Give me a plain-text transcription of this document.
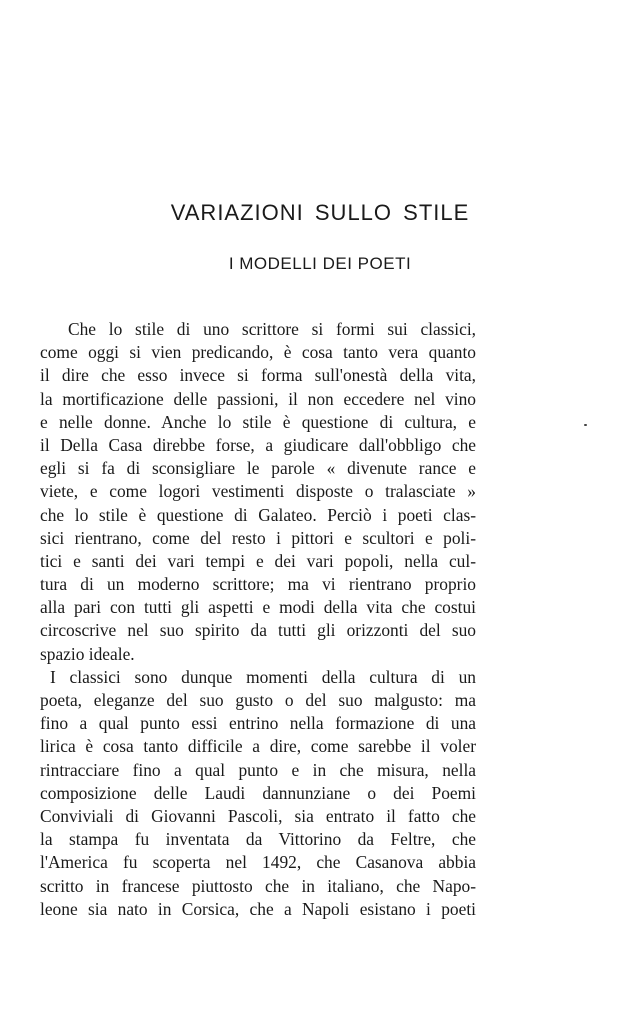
VARIAZIONI SULLO STILE
I MODELLI DEI POETI
Che lo stile di uno scrittore si formi sui classici,
come oggi si vien predicando, è cosa tanto vera quanto
il dire che esso invece si forma sull'onestà della vita,
la mortificazione delle passioni, il non eccedere nel vino
e nelle donne. Anche lo stile è questione di cultura, e
il Della Casa direbbe forse, a giudicare dall'obbligo che
egli si fa di sconsigliare le parole « divenute rance e
viete, e come logori vestimenti disposte o tralasciate »
che lo stile è questione di Galateo. Perciò i poeti clas-
sici rientrano, come del resto i pittori e scultori e poli-
tici e santi dei vari tempi e dei vari popoli, nella cul-
tura di un moderno scrittore; ma vi rientrano proprio
alla pari con tutti gli aspetti e modi della vita che costui
circoscrive nel suo spirito da tutti gli orizzonti del suo
spazio ideale.
I classici sono dunque momenti della cultura di un
poeta, eleganze del suo gusto o del suo malgusto: ma
fino a qual punto essi entrino nella formazione di una
lirica è cosa tanto difficile a dire, come sarebbe il voler
rintracciare fino a qual punto e in che misura, nella
composizione delle Laudi dannunziane o dei Poemi
Conviviali di Giovanni Pascoli, sia entrato il fatto che
la stampa fu inventata da Vittorino da Feltre, che
l'America fu scoperta nel 1492, che Casanova abbia
scritto in francese piuttosto che in italiano, che Napo-
leone sia nato in Corsica, che a Napoli esistano i poeti
